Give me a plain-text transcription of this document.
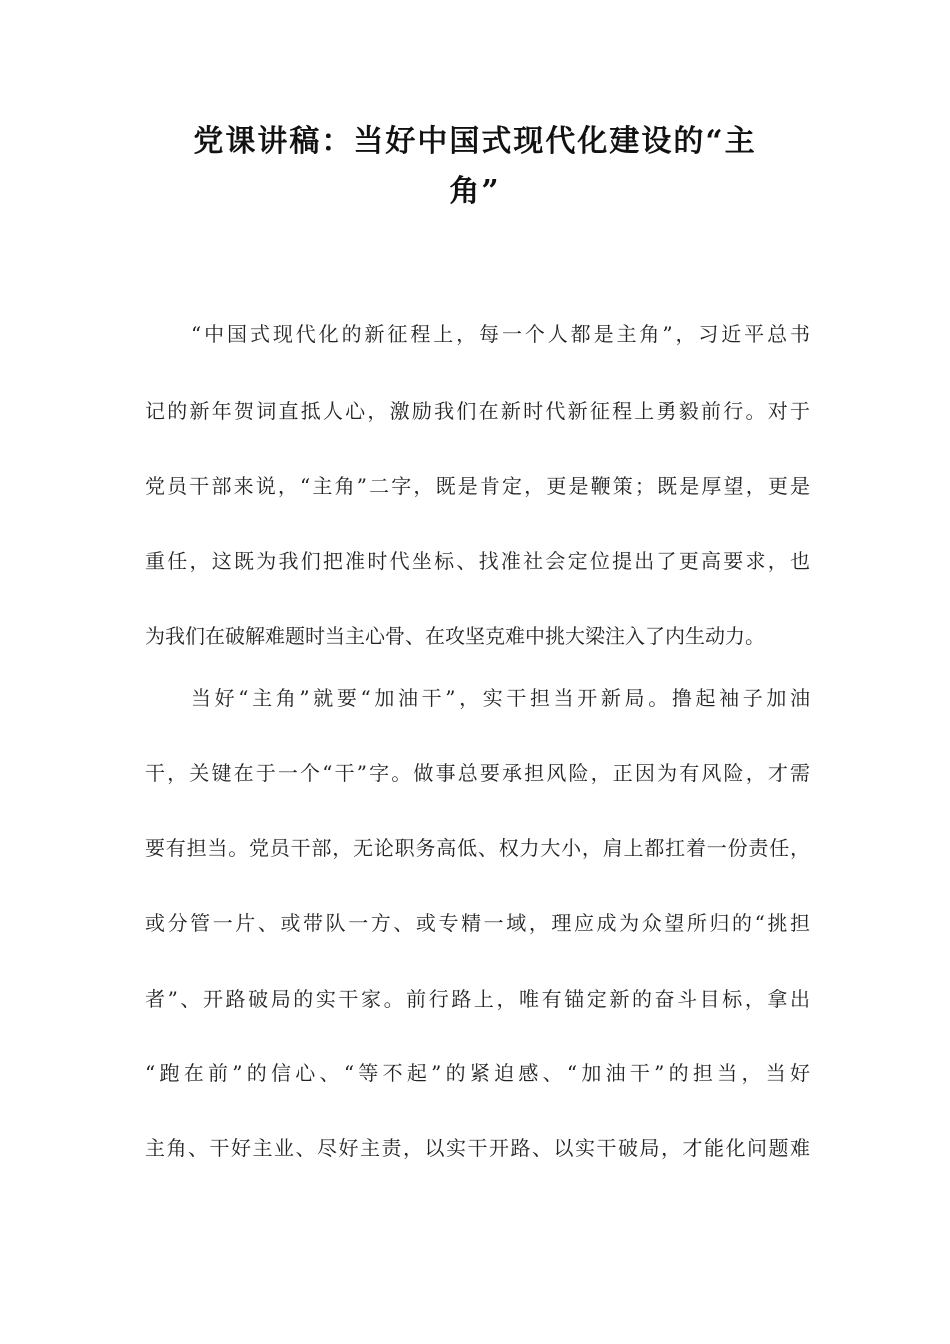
党课讲稿：当好中国式现代化建设的“主
角”
“中国式现代化的新征程上，每一个人都是主角”，习近平总书
记的新年贺词直抵人心，激励我们在新时代新征程上勇毅前行。对于
党员干部来说，“主角”二字，既是肯定，更是鞭策；既是厚望，更是
重任，这既为我们把准时代坐标、找准社会定位提出了更高要求，也
为我们在破解难题时当主心骨、在攻坚克难中挑大梁注入了内生动力。
当好“主角”就要“加油干”，实干担当开新局。撸起袖子加油
干，关键在于一个“干”字。做事总要承担风险，正因为有风险，才需
要有担当。党员干部，无论职务高低、权力大小，肩上都扛着一份责任，
或分管一片、或带队一方、或专精一域，理应成为众望所归的“挑担
者”、开路破局的实干家。前行路上，唯有锚定新的奋斗目标，拿出
“跑在前”的信心、“等不起”的紧迫感、“加油干”的担当，当好
主角、干好主业、尽好主责，以实干开路、以实干破局，才能化问题难
